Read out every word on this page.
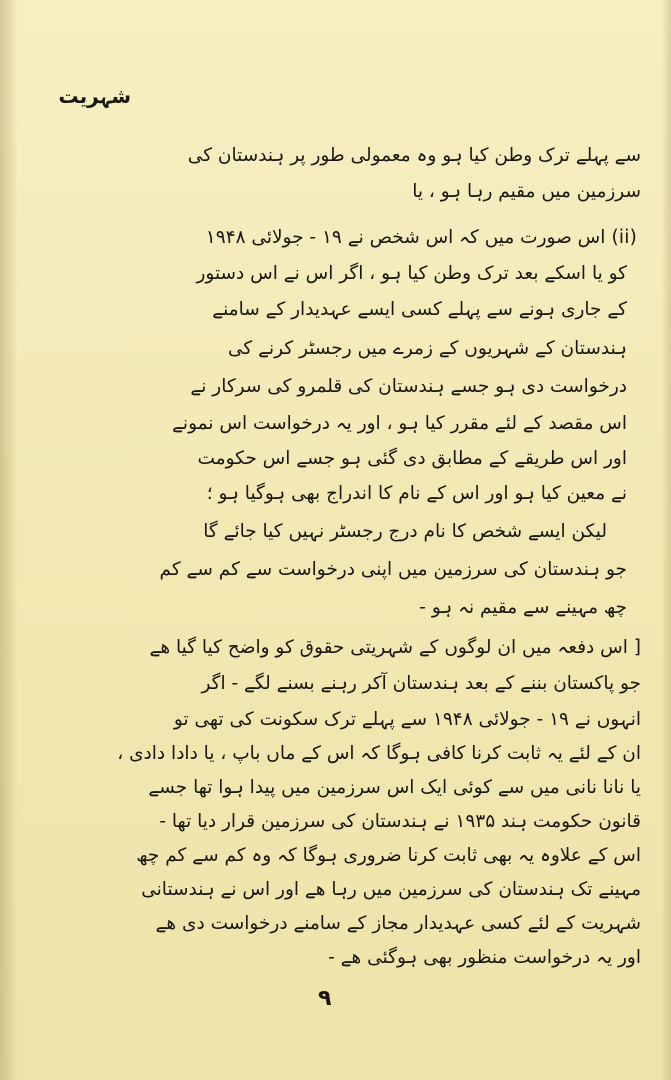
شہریت
سے پہلے ترک وطن کیا ہو وہ معمولی طور پر ہندستان کی
سرزمین میں مقیم رہا ہو ، یا
(ii) اس صورت میں کہ اس شخص نے ۱۹ - جولائی ۱۹۴۸
کو یا اسکے بعد ترک وطن کیا ہو ، اگر اس نے اس دستور
کے جاری ہونے سے پہلے کسی ایسے عہدیدار کے سامنے
ہندستان کے شہریوں کے زمرے میں رجسٹر کرنے کی
درخواست دی ہو جسے ہندستان کی قلمرو کی سرکار نے
اس مقصد کے لئے مقرر کیا ہو ، اور یہ درخواست اس نمونے
اور اس طریقے کے مطابق دی گئی ہو جسے اس حکومت
نے معین کیا ہو اور اس کے نام کا اندراج بھی ہوگیا ہو ؛
لیکن ایسے شخص کا نام درج رجسٹر نہیں کیا جائے گا
جو ہندستان کی سرزمین میں اپنی درخواست سے کم سے کم
چھ مہینے سے مقیم نہ ہو -
[ اس دفعہ میں ان لوگوں کے شہریتی حقوق کو واضح کیا گیا ھے
جو پاکستان بننے کے بعد ہندستان آکر رہنے بسنے لگے - اگر
انہوں نے ۱۹ - جولائی ۱۹۴۸ سے پہلے ترک سکونت کی تھی تو
ان کے لئے یہ ثابت کرنا کافی ہوگا کہ اس کے ماں باپ ، یا دادا دادی ،
یا نانا نانی میں سے کوئی ایک اس سرزمین میں پیدا ہوا تھا جسے
قانون حکومت ہند ۱۹۳۵ نے ہندستان کی سرزمین قرار دیا تھا -
اس کے علاوہ یہ بھی ثابت کرنا ضروری ہوگا کہ وہ کم سے کم چھ
مہینے تک ہندستان کی سرزمین میں رہا ھے اور اس نے ہندستانی
شہریت کے لئے کسی عہدیدار مجاز کے سامنے درخواست دی ھے
اور یہ درخواست منظور بھی ہوگئی ھے -
۹
